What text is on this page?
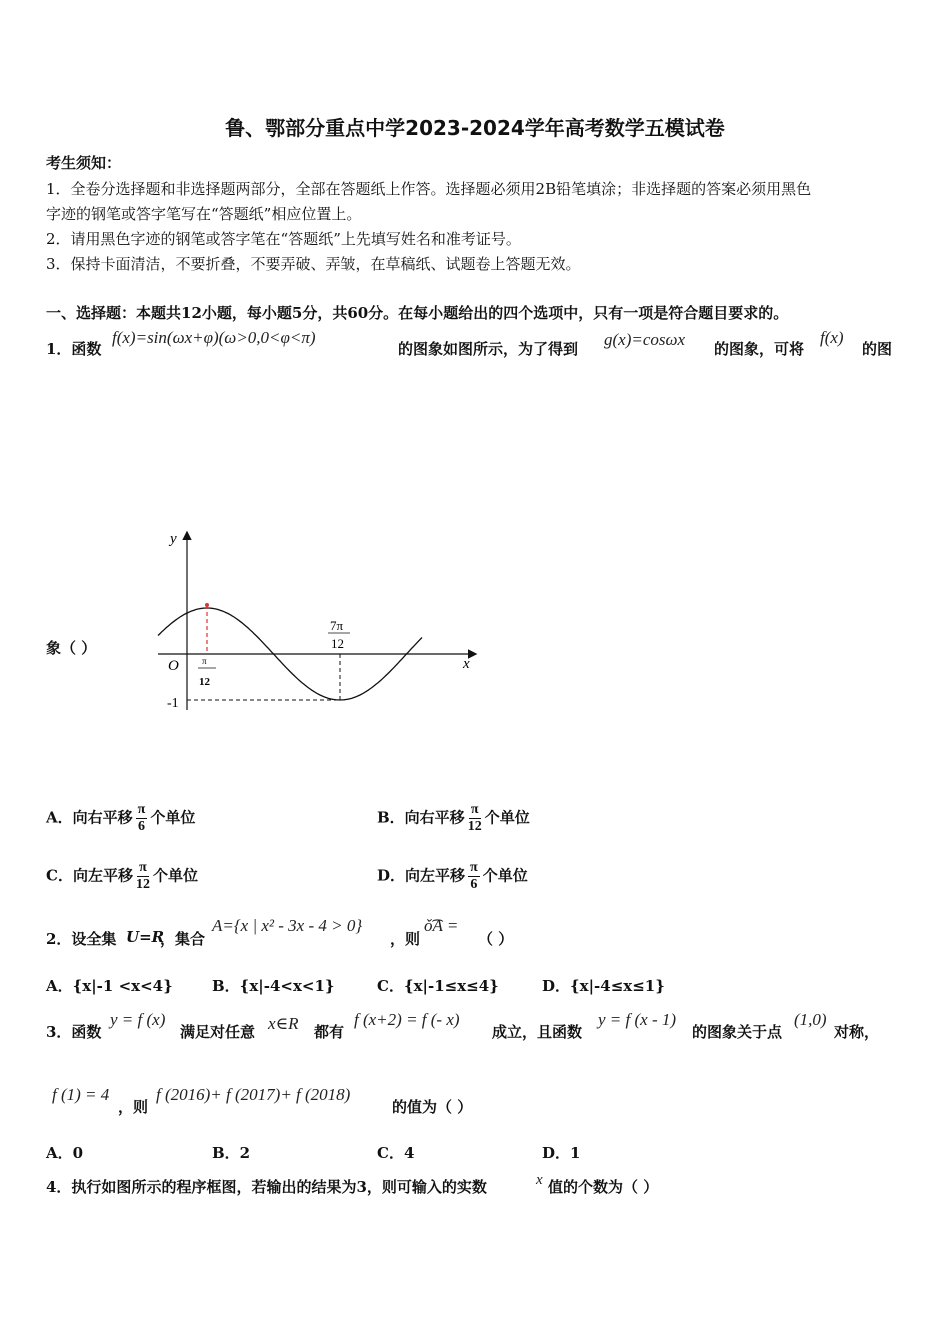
鲁、鄂部分重点中学2023-2024学年高考数学五模试卷
考生须知：
1．全卷分选择题和非选择题两部分，全部在答题纸上作答。选择题必须用2B铅笔填涂；非选择题的答案必须用黑色
字迹的钢笔或答字笔写在“答题纸”相应位置上。
2．请用黑色字迹的钢笔或答字笔在“答题纸”上先填写姓名和准考证号。
3．保持卡面清洁，不要折叠，不要弄破、弄皱，在草稿纸、试题卷上答题无效。
一、选择题：本题共12小题，每小题5分，共60分。在每小题给出的四个选项中，只有一项是符合题目要求的。
1．函数
f(x)=sin(ωx+φ)(ω>0,0<φ<π)
的图象如图所示，为了得到 g(x)=cosωx 的图象，可将
f(x)
的图
象（ ）
y
x
O
-1
π
12
7π
12
A．向右平移 $\frac{\pi}{6}$ 个单位	B．向右平移 $\frac{\pi}{12}$ 个单位
C．向左平移 $\frac{\pi}{12}$ 个单位	D．向左平移 $\frac{\pi}{6}$ 个单位
2．设全集 U=R
，集合
A={x | x² - 3x - 4 > 0}
，则
ǒ͡A =
（ ）
A．{x|-1 <x<4}	B．{x|-4<x<1}	C．{x|-1≤x≤4}	D．{x|-4≤x≤1}
3．函数
y = f (x)
满足对任意 x∈R 都有
f (x+2) = f (- x)
成立，且函数
y = f (x - 1)
的图象关于点
(1,0)
对称，
f (1) = 4
，则
f (2016)+ f (2017)+ f (2018)
的值为（ ）
A．0	B．2	C．4	D．1
4．执行如图所示的程序框图，若输出的结果为3，则可输入的实数	x 值的个数为（ ）
